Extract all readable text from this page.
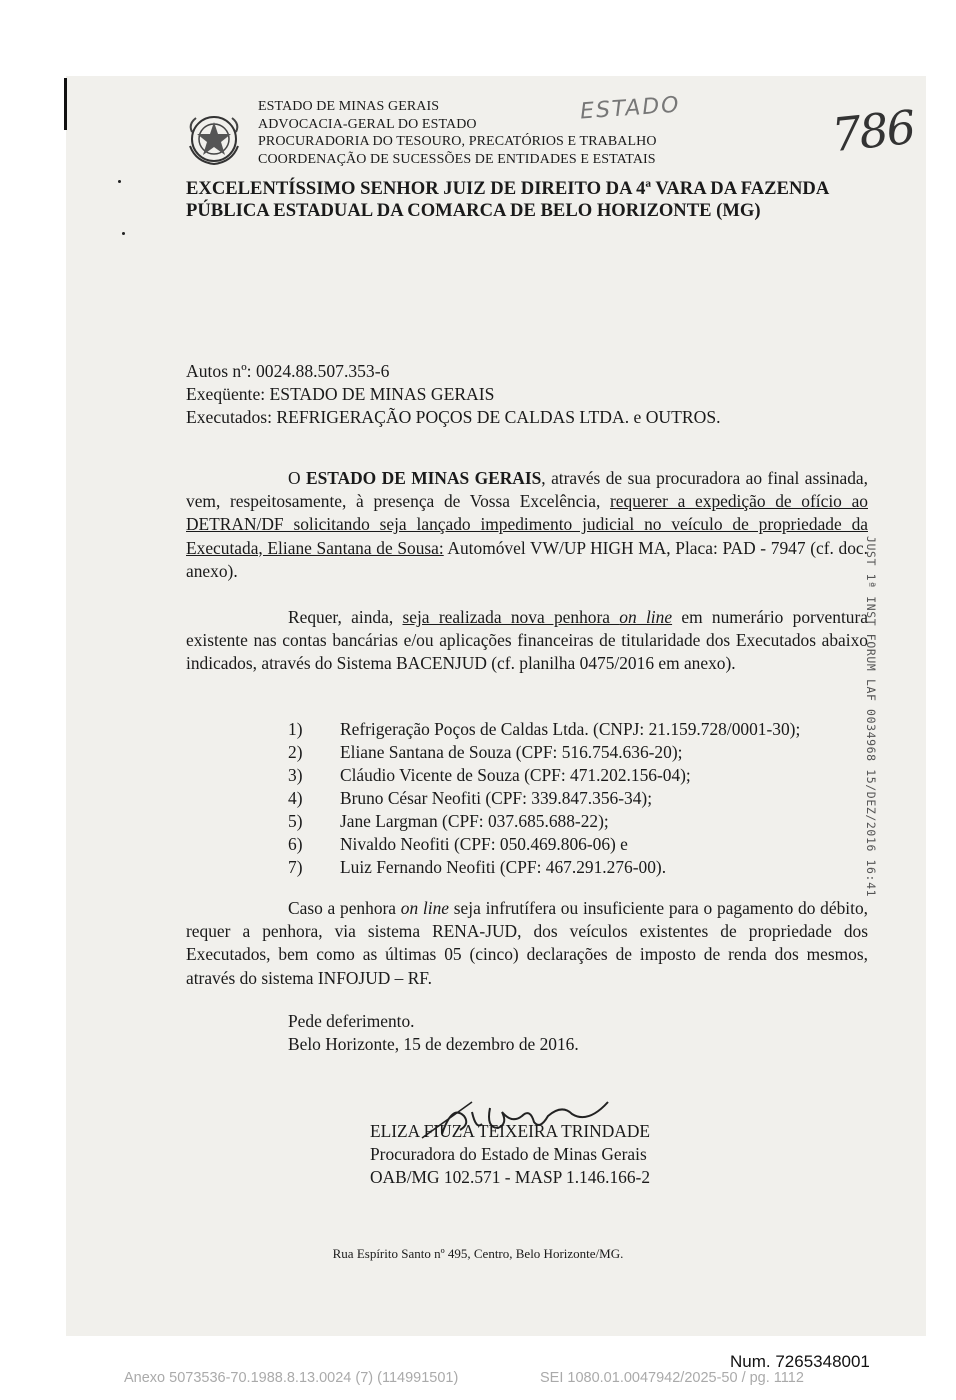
ESTADO DE MINAS GERAIS
ADVOCACIA-GERAL DO ESTADO
PROCURADORIA DO TESOURO, PRECATÓRIOS E TRABALHO
COORDENAÇÃO DE SUCESSÕES DE ENTIDADES E ESTATAIS
ESTADO	786
EXCELENTÍSSIMO SENHOR JUIZ DE DIREITO DA 4ª VARA DA FAZENDA
PÚBLICA ESTADUAL DA COMARCA DE BELO HORIZONTE (MG)
Autos nº: 0024.88.507.353-6
Exeqüente: ESTADO DE MINAS GERAIS
Executados: REFRIGERAÇÃO POÇOS DE CALDAS LTDA. e OUTROS.

O ESTADO DE MINAS GERAIS, através de sua procuradora ao final assinada, vem, respeitosamente, à presença de Vossa Excelência, requerer a expedição de ofício ao DETRAN/DF solicitando seja lançado impedimento judicial no veículo de propriedade da Executada, Eliane Santana de Sousa: Automóvel VW/UP HIGH MA, Placa: PAD - 7947 (cf. doc. anexo).

Requer, ainda, seja realizada nova penhora on line em numerário porventura existente nas contas bancárias e/ou aplicações financeiras de titularidade dos Executados abaixo indicados, através do Sistema BACENJUD (cf. planilha 0475/2016 em anexo).

1)	Refrigeração Poços de Caldas Ltda. (CNPJ: 21.159.728/0001-30);
2)	Eliane Santana de Souza (CPF: 516.754.636-20);
3)	Cláudio Vicente de Souza (CPF: 471.202.156-04);
4)	Bruno César Neofiti (CPF: 339.847.356-34);
5)	Jane Largman (CPF: 037.685.688-22);
6)	Nivaldo Neofiti (CPF: 050.469.806-06) e
7)	Luiz Fernando Neofiti (CPF: 467.291.276-00).

Caso a penhora on line seja infrutífera ou insuficiente para o pagamento do débito, requer a penhora, via sistema RENA-JUD, dos veículos existentes de propriedade dos Executados, bem como as últimas 05 (cinco) declarações de imposto de renda dos mesmos, através do sistema INFOJUD – RF.

Pede deferimento.
Belo Horizonte, 15 de dezembro de 2016.
ELIZA FIUZA TEIXEIRA TRINDADE
Procuradora do Estado de Minas Gerais
OAB/MG 102.571 - MASP 1.146.166-2
Rua Espírito Santo nº 495, Centro, Belo Horizonte/MG.
JUST 1ª INST FORUM LAF 0034968 15/DEZ/2016 16:41
Num. 7265348001
Anexo 5073536-70.1988.8.13.0024 (7) (114991501)	SEI 1080.01.0047942/2025-50 / pg. 1112
